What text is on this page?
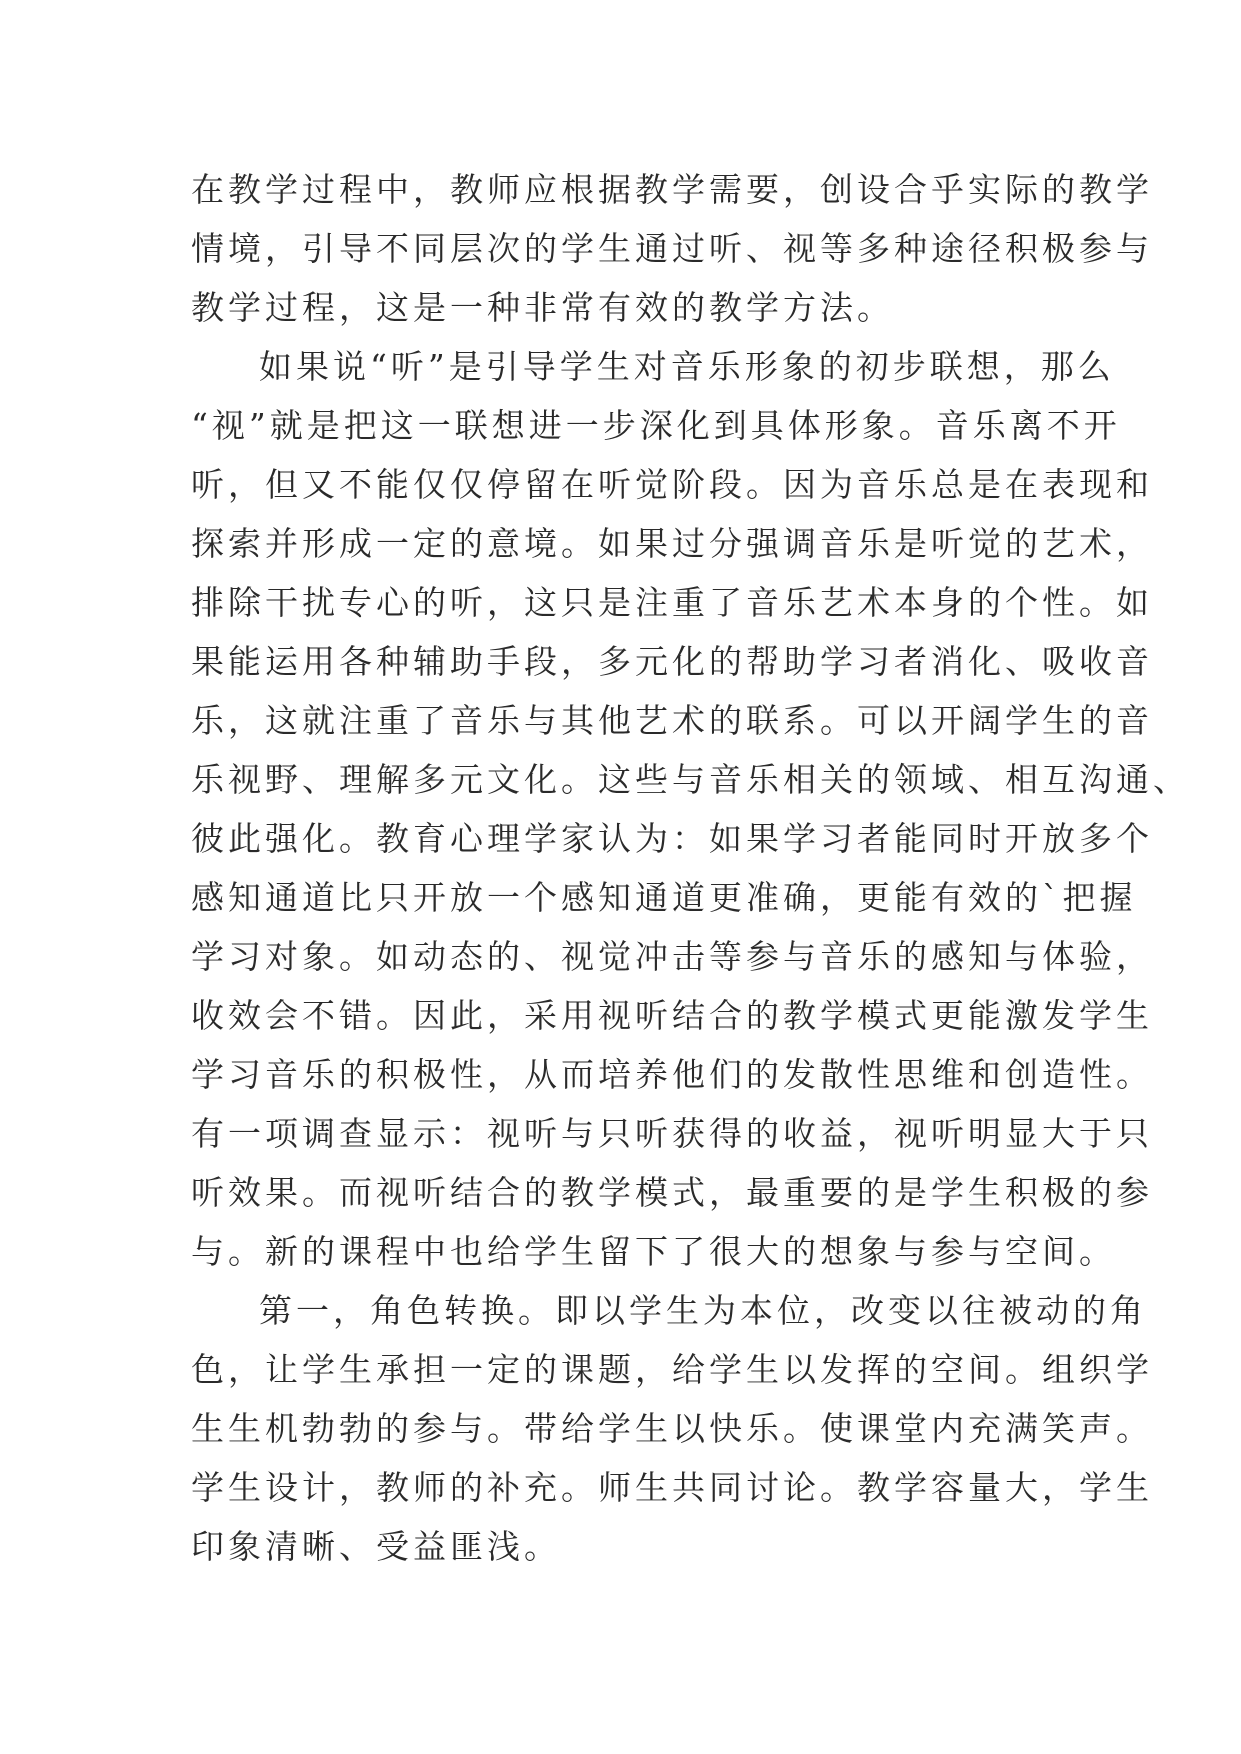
在教学过程中，教师应根据教学需要，创设合乎实际的教学
情境，引导不同层次的学生通过听、视等多种途径积极参与
教学过程，这是一种非常有效的教学方法。
如果说“听”是引导学生对音乐形象的初步联想，那么
“视”就是把这一联想进一步深化到具体形象。音乐离不开
听，但又不能仅仅停留在听觉阶段。因为音乐总是在表现和
探索并形成一定的意境。如果过分强调音乐是听觉的艺术，
排除干扰专心的听，这只是注重了音乐艺术本身的个性。如
果能运用各种辅助手段，多元化的帮助学习者消化、吸收音
乐，这就注重了音乐与其他艺术的联系。可以开阔学生的音
乐视野、理解多元文化。这些与音乐相关的领域、相互沟通、
彼此强化。教育心理学家认为：如果学习者能同时开放多个
感知通道比只开放一个感知通道更准确，更能有效的`把握
学习对象。如动态的、视觉冲击等参与音乐的感知与体验，
收效会不错。因此，采用视听结合的教学模式更能激发学生
学习音乐的积极性，从而培养他们的发散性思维和创造性。
有一项调查显示：视听与只听获得的收益，视听明显大于只
听效果。而视听结合的教学模式，最重要的是学生积极的参
与。新的课程中也给学生留下了很大的想象与参与空间。
第一，角色转换。即以学生为本位，改变以往被动的角
色，让学生承担一定的课题，给学生以发挥的空间。组织学
生生机勃勃的参与。带给学生以快乐。使课堂内充满笑声。
学生设计，教师的补充。师生共同讨论。教学容量大，学生
印象清晰、受益匪浅。
